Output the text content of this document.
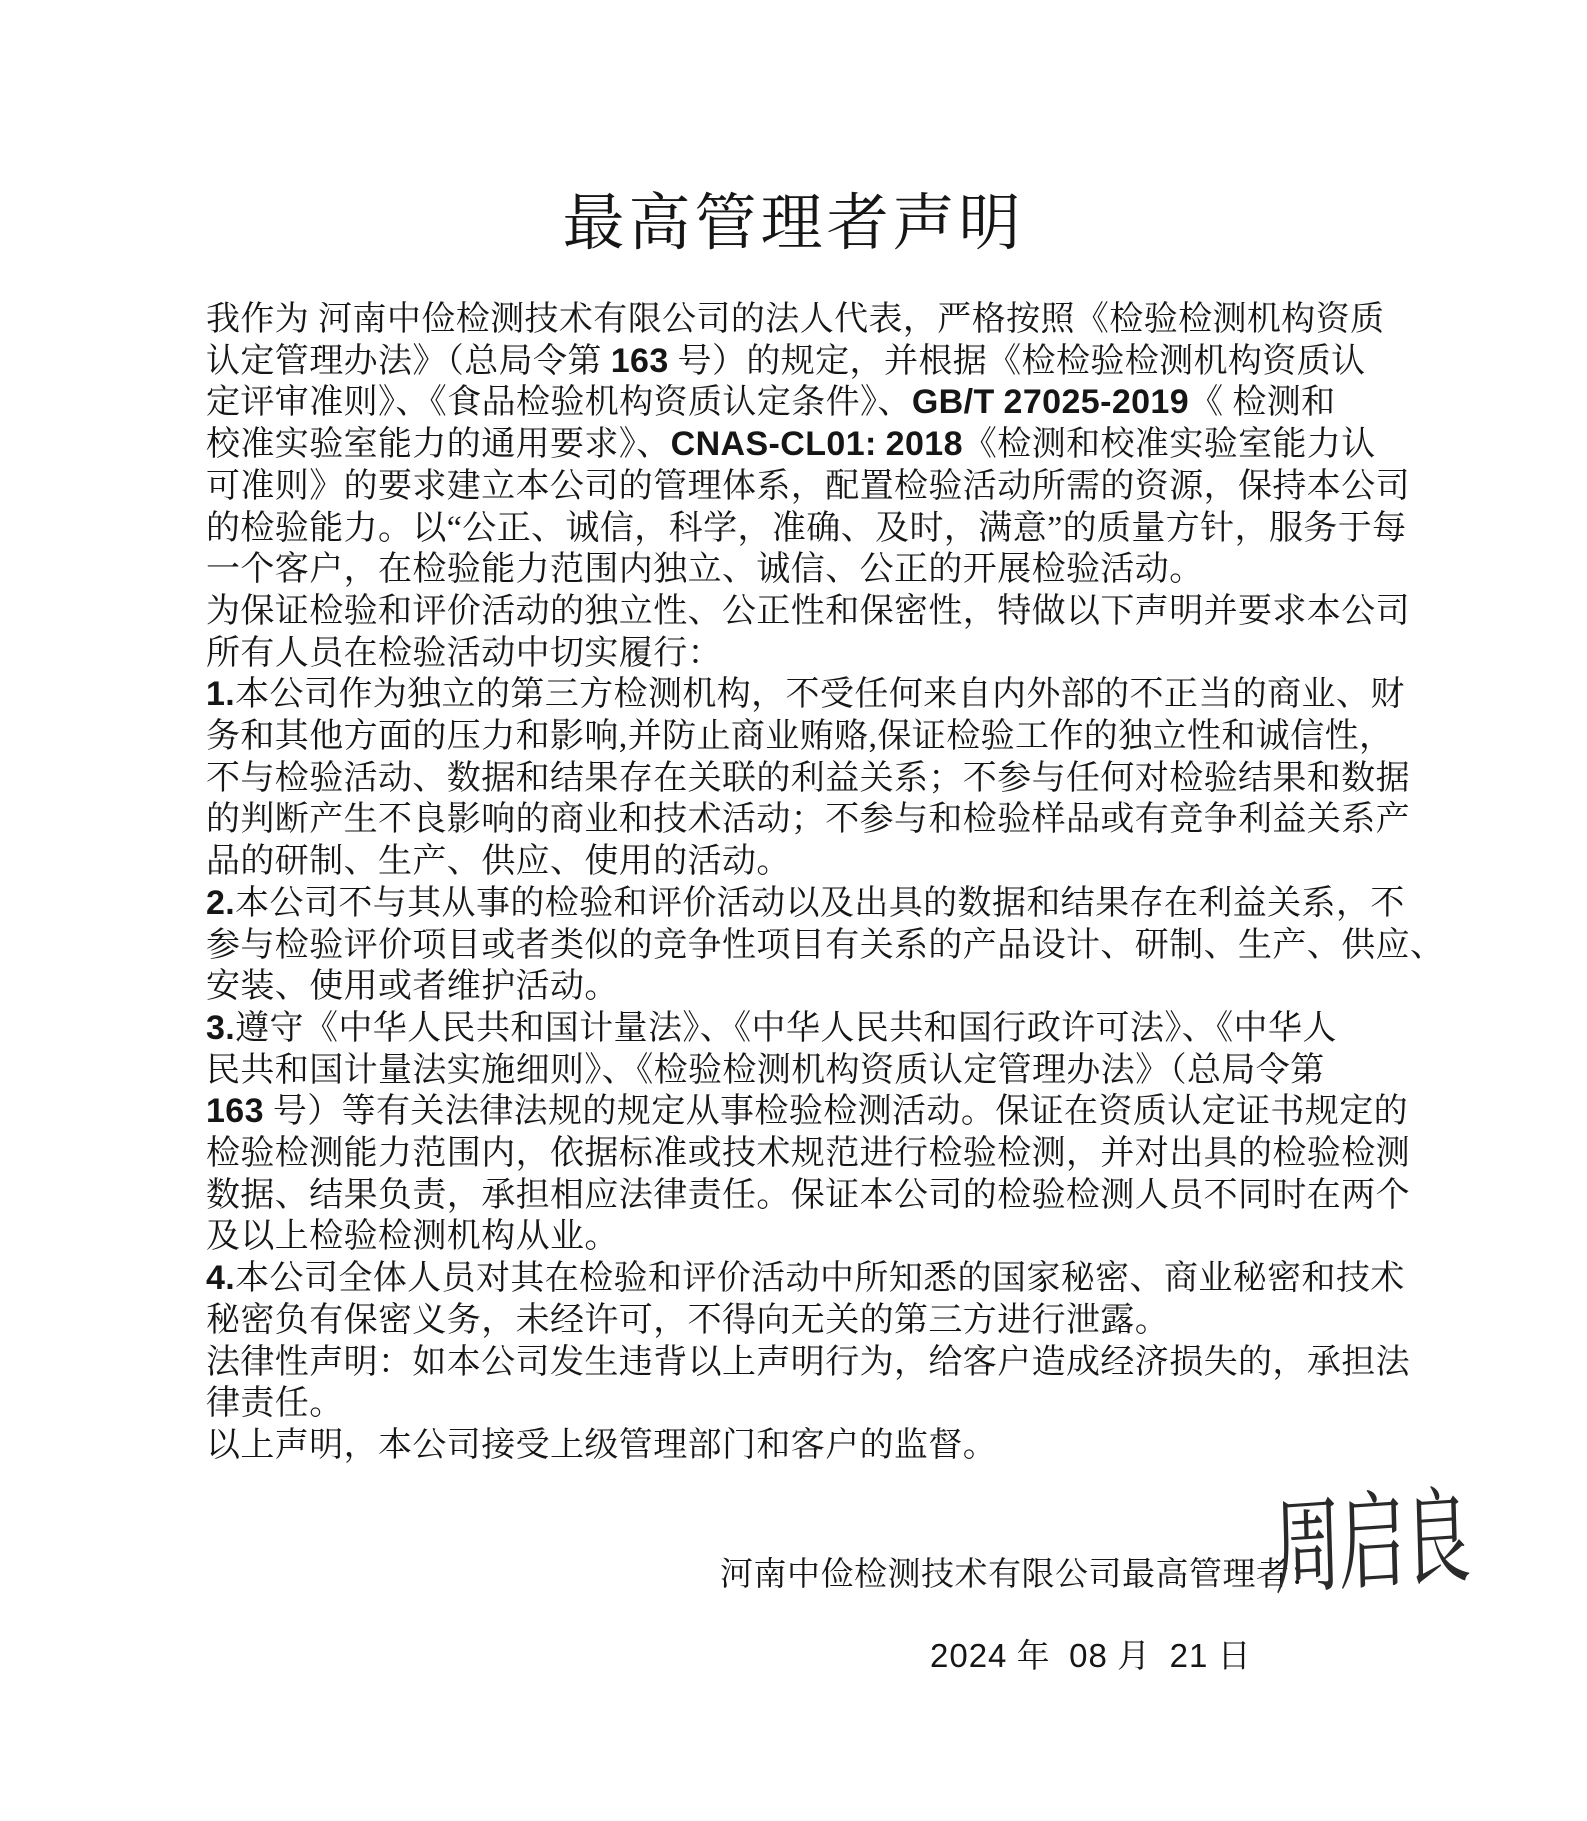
最高管理者声明
我作为 河南中俭检测技术有限公司的法人代表，严格按照《检验检测机构资质
认定管理办法》（总局令第 163 号）的规定，并根据《检检验检测机构资质认
定评审准则》、《食品检验机构资质认定条件》、GB/T 27025-2019《 检测和
校准实验室能力的通用要求》、CNAS-CL01: 2018《检测和校准实验室能力认
可准则》的要求建立本公司的管理体系，配置检验活动所需的资源，保持本公司
的检验能力。以“公正、诚信，科学，准确、及时，满意”的质量方针，服务于每
一个客户，在检验能力范围内独立、诚信、公正的开展检验活动。
为保证检验和评价活动的独立性、公正性和保密性，特做以下声明并要求本公司
所有人员在检验活动中切实履行：
1.本公司作为独立的第三方检测机构，不受任何来自内外部的不正当的商业、财
务和其他方面的压力和影响,并防止商业贿赂,保证检验工作的独立性和诚信性，
不与检验活动、数据和结果存在关联的利益关系；不参与任何对检验结果和数据
的判断产生不良影响的商业和技术活动；不参与和检验样品或有竞争利益关系产
品的研制、生产、供应、使用的活动。
2.本公司不与其从事的检验和评价活动以及出具的数据和结果存在利益关系，不
参与检验评价项目或者类似的竞争性项目有关系的产品设计、研制、生产、供应、
安装、使用或者维护活动。
3.遵守《中华人民共和国计量法》、《中华人民共和国行政许可法》、《中华人
民共和国计量法实施细则》、《检验检测机构资质认定管理办法》（总局令第
163 号）等有关法律法规的规定从事检验检测活动。保证在资质认定证书规定的
检验检测能力范围内，依据标准或技术规范进行检验检测，并对出具的检验检测
数据、结果负责，承担相应法律责任。保证本公司的检验检测人员不同时在两个
及以上检验检测机构从业。
4.本公司全体人员对其在检验和评价活动中所知悉的国家秘密、商业秘密和技术
秘密负有保密义务，未经许可，不得向无关的第三方进行泄露。
法律性声明：如本公司发生违背以上声明行为，给客户造成经济损失的，承担法
律责任。
以上声明，本公司接受上级管理部门和客户的监督。
河南中俭检测技术有限公司最高管理者：
周启良
2024 年  08 月  21 日
